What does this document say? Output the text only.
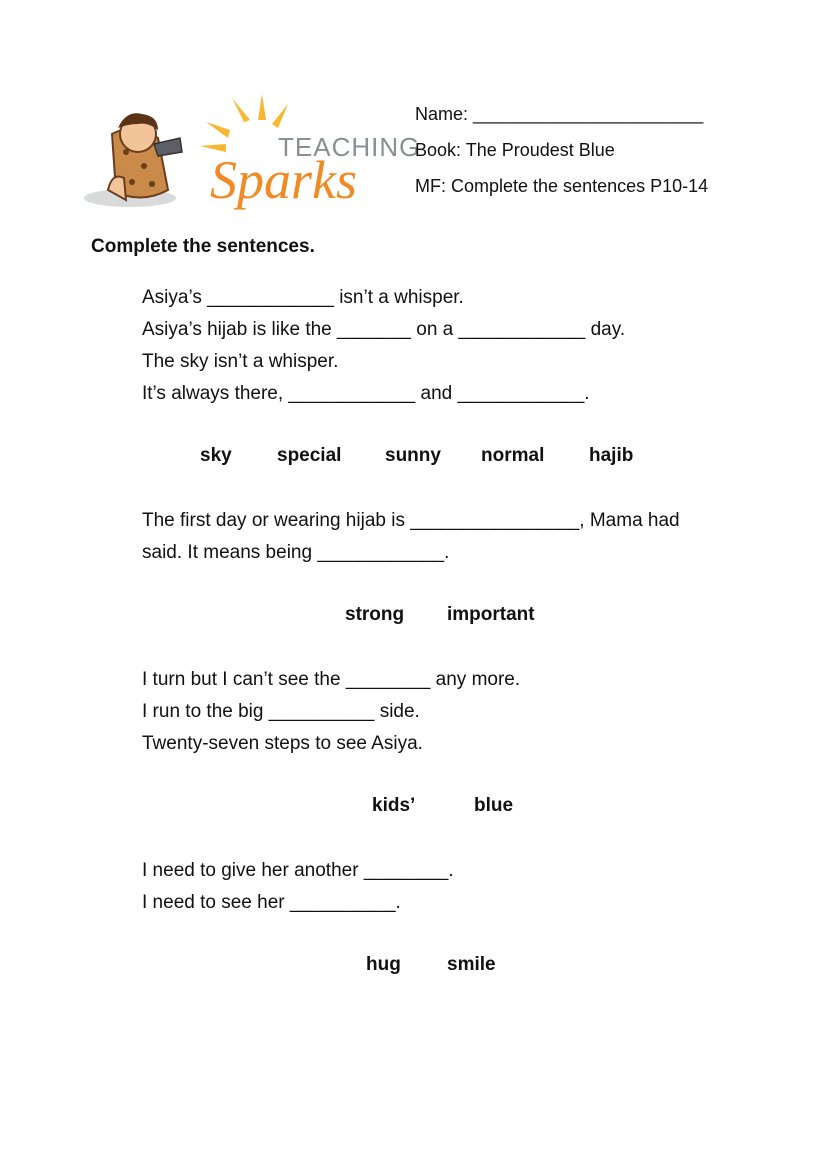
TEACHING
Sparks
Name: _______________________
Book: The Proudest Blue
MF: Complete the sentences P10-14
Complete the sentences.
Asiya’s ____________ isn’t a whisper.
Asiya’s hijab is like the _______ on a ____________ day.
The sky isn’t a whisper.
It’s always there, ____________ and ____________.
sky special sunny normal hajib
The first day or wearing hijab is ________________, Mama had
said. It means being ____________.
strong important
I turn but I can’t see the ________ any more.
I run to the big __________ side.
Twenty-seven steps to see Asiya.
kids’	blue
I need to give her another ________.
I need to see her __________.
hug smile
